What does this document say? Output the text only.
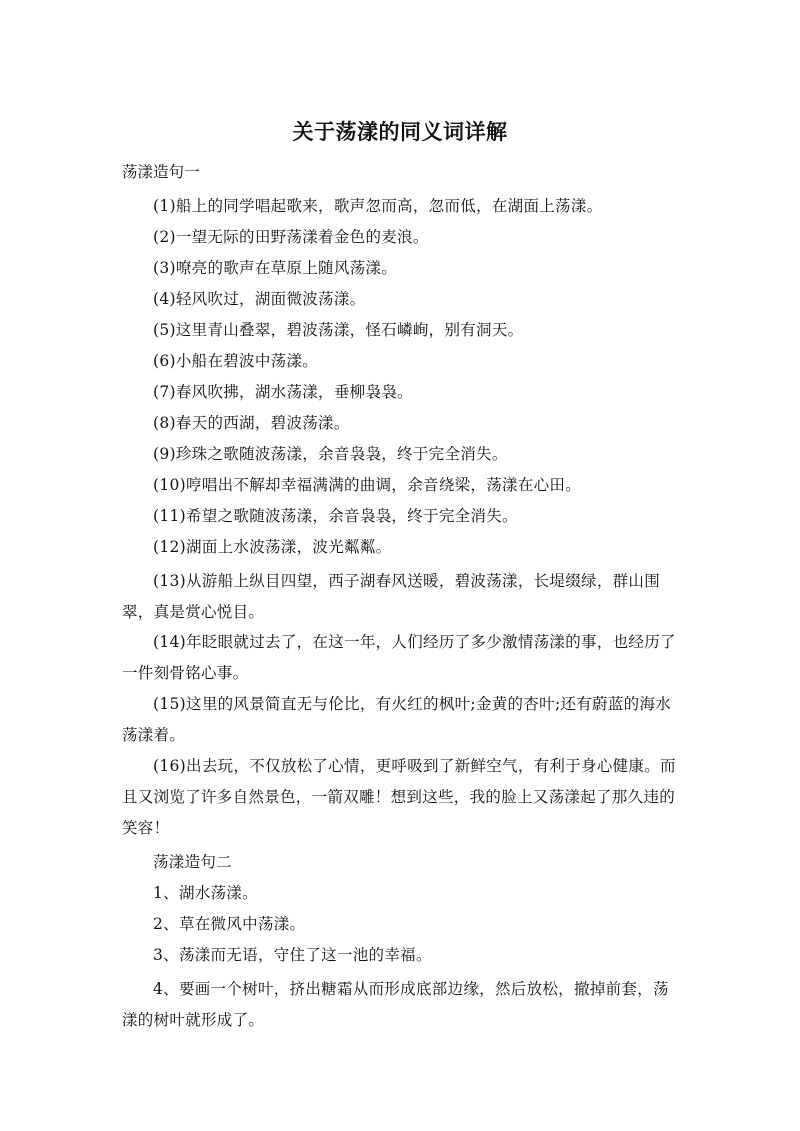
关于荡漾的同义词详解
荡漾造句一
(1)船上的同学唱起歌来，歌声忽而高，忽而低，在湖面上荡漾。
(2)一望无际的田野荡漾着金色的麦浪。
(3)嘹亮的歌声在草原上随风荡漾。
(4)轻风吹过，湖面微波荡漾。
(5)这里青山叠翠，碧波荡漾，怪石嶙峋，别有洞天。
(6)小船在碧波中荡漾。
(7)春风吹拂，湖水荡漾，垂柳袅袅。
(8)春天的西湖，碧波荡漾。
(9)珍珠之歌随波荡漾，余音袅袅，终于完全消失。
(10)哼唱出不解却幸福满满的曲调，余音绕梁，荡漾在心田。
(11)希望之歌随波荡漾，余音袅袅，终于完全消失。
(12)湖面上水波荡漾，波光粼粼。
(13)从游船上纵目四望，西子湖春风送暖，碧波荡漾，长堤缀绿，群山围翠，真是赏心悦目。
(14)年眨眼就过去了，在这一年，人们经历了多少激情荡漾的事，也经历了一件刻骨铭心事。
(15)这里的风景简直无与伦比，有火红的枫叶;金黄的杏叶;还有蔚蓝的海水荡漾着。
(16)出去玩，不仅放松了心情，更呼吸到了新鲜空气，有利于身心健康。而且又浏览了许多自然景色，一箭双雕！想到这些，我的脸上又荡漾起了那久违的笑容！
荡漾造句二
1、湖水荡漾。
2、草在微风中荡漾。
3、荡漾而无语，守住了这一池的幸福。
4、要画一个树叶，挤出糖霜从而形成底部边缘，然后放松，撤掉前套，荡漾的树叶就形成了。
